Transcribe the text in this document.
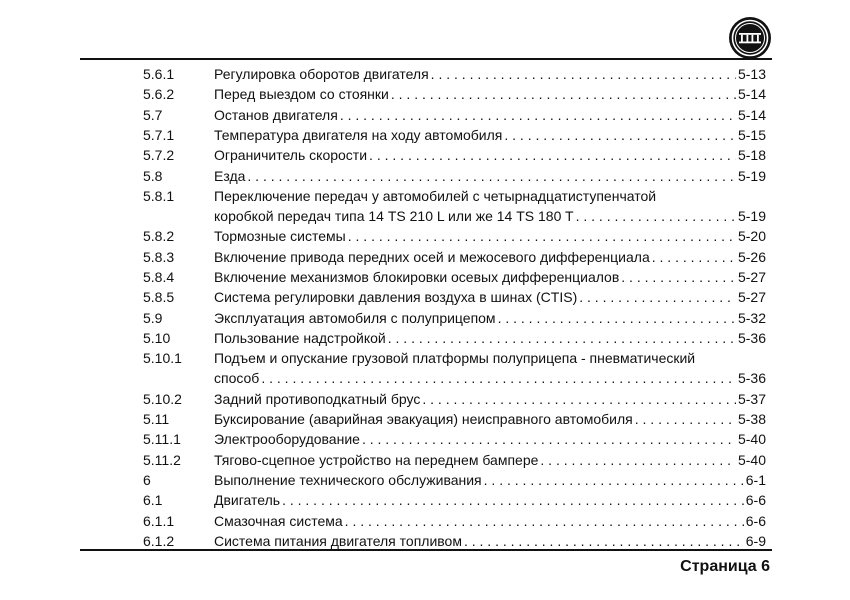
5.6.1	Регулировка оборотов двигателя . . .	5-13
5.6.2	Перед выездом со стоянки . . .	5-14
5.7	Останов двигателя . . .	5-14
5.7.1	Температура двигателя на ходу автомобиля . . .	5-15
5.7.2	Ограничитель скорости . . .	5-18
5.8	Езда . . .	5-19
5.8.1	Переключение передач у автомобилей с четырнадцатиступенчатой
коробкой передач типа 14 TS 210 L или же 14 TS 180 T . . .	5-19
5.8.2	Тормозные системы . . .	5-20
5.8.3	Включение привода передних осей и межосевого дифференциала . . .	5-26
5.8.4	Включение механизмов блокировки осевых дифференциалов . . .	5-27
5.8.5	Система регулировки давления воздуха в шинах (CTIS) . . .	5-27
5.9	Эксплуатация автомобиля с полуприцепом . . .	5-32
5.10	Пользование надстройкой . . .	5-36
5.10.1 Подъем и опускание грузовой платформы полуприцепа - пневматический
способ . . .	5-36
5.10.2 Задний противоподкатный брус . . .	5-37
5.11	Буксирование (аварийная эвакуация) неисправного автомобиля . . .	5-38
5.11.1 Электрооборудование . . .	5-40
5.11.2 Тягово-сцепное устройство на переднем бампере . . .	5-40
6	Выполнение технического обслуживания . . .	6-1
6.1	Двигатель . . .	6-6
6.1.1	Смазочная система . . .	6-6
6.1.2	Система питания двигателя топливом . . .	6-9
Страница 6
